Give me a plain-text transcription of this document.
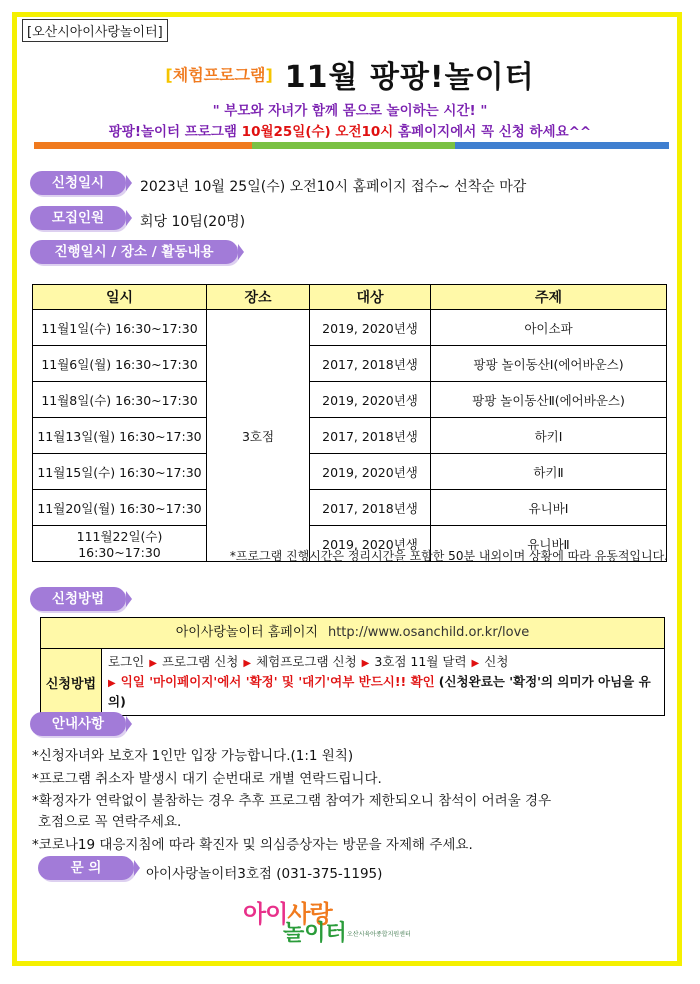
[오산시아이사랑놀이터]
[체험프로그램] 11월 팡팡!놀이터
" 부모와 자녀가 함께 몸으로 놀이하는 시간! "
팡팡!놀이터 프로그램 10월25일(수) 오전10시 홈페이지에서 꼭 신청 하세요^^
신청일시	2023년 10월 25일(수) 오전10시 홈페이지 접수~ 선착순 마감
모집인원	회당 10팀(20명)
진행일시 / 장소 / 활동내용
일시	장소	대상	주제
11월1일(수) 16:30~17:30	3호점	2019, 2020년생	아이소파
11월6일(월) 16:30~17:30		2017, 2018년생	팡팡 놀이동산Ⅰ(에어바운스)
11월8일(수) 16:30~17:30		2019, 2020년생	팡팡 놀이동산Ⅱ(에어바운스)
11월13일(월) 16:30~17:30		2017, 2018년생	하키Ⅰ
11월15일(수) 16:30~17:30		2019, 2020년생	하키Ⅱ
11월20일(월) 16:30~17:30		2017, 2018년생	유니바Ⅰ
111월22일(수) 16:30~17:30		2019, 2020년생	유니바Ⅱ
*프로그램 진행시간은 정리시간을 포함한 50분 내외이며 상황에 따라 유동적입니다.
신청방법
아이사랑놀이터 홈페이지 http://www.osanchild.or.kr/love
신청방법
로그인 ▶ 프로그램 신청 ▶ 체험프로그램 신청 ▶ 3호점 11월 달력 ▶ 신청
▶ 익일 '마이페이지'에서 '확정' 및 '대기'여부 반드시!! 확인 (신청완료는 '확정'의 의미가 아님을 유의)
안내사항
*신청자녀와 보호자 1인만 입장 가능합니다.(1:1 원칙)
*프로그램 취소자 발생시 대기 순번대로 개별 연락드립니다.
*확정자가 연락없이 불참하는 경우 추후 프로그램 참여가 제한되오니 참석이 어려울 경우
호점으로 꼭 연락주세요.
*코로나19 대응지침에 따라 확진자 및 의심증상자는 방문을 자제해 주세요.
문 의	아이사랑놀이터3호점 (031-375-1195)
아이사랑
놀이터 오산시육아종합지원센터
